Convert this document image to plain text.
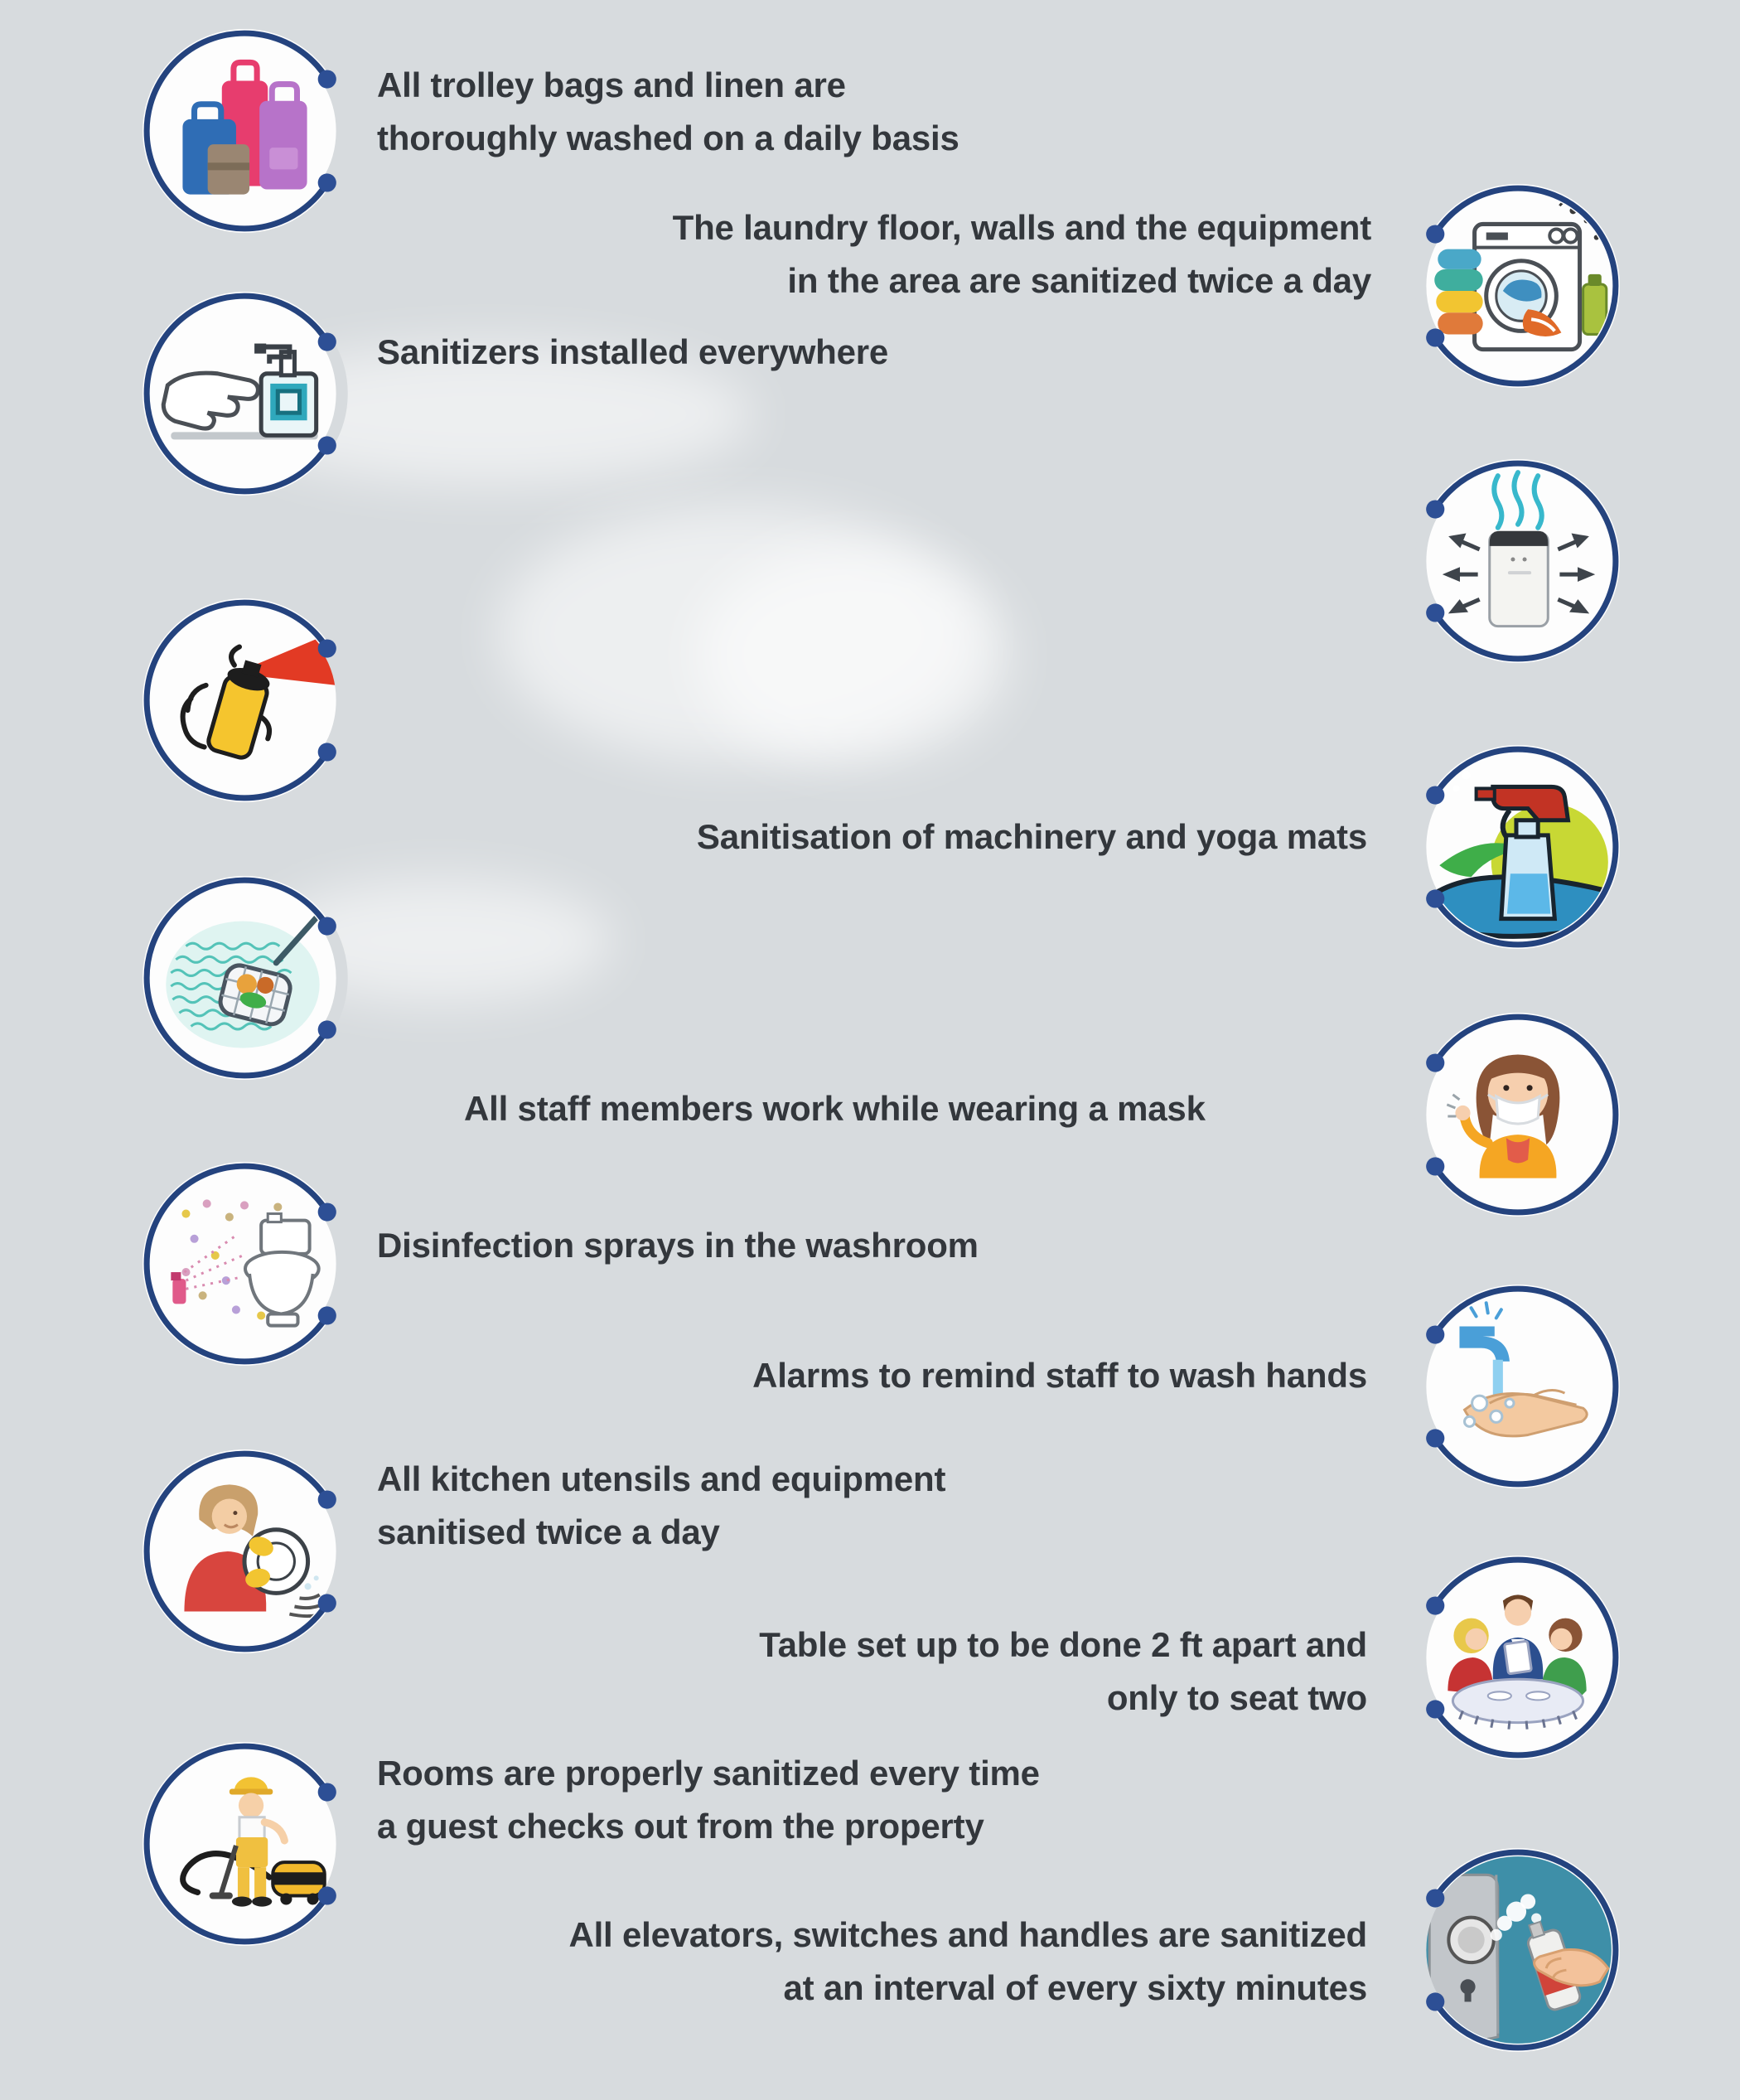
All trolley bags and linen are
thoroughly washed on a daily basis
The laundry floor, walls and the equipment
in the area are sanitized twice a day
Sanitizers installed everywhere
Sanitisation of machinery and yoga mats
All staff members work while wearing a mask
Disinfection sprays in the washroom
Alarms to remind staff to wash hands
All kitchen utensils and equipment
sanitised twice a day
Table set up to be done 2 ft apart and
only to seat two
Rooms are properly sanitized every time
a guest checks out from the property
All elevators, switches and handles are sanitized
at an interval of every sixty minutes
